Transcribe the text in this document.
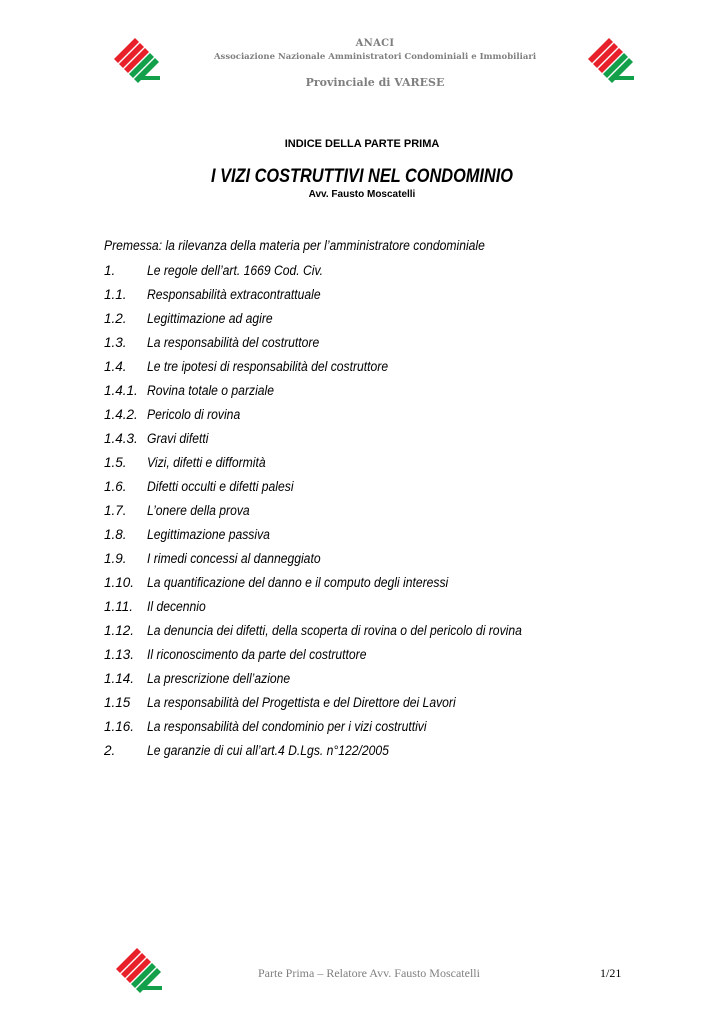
ANACI
Associazione Nazionale Amministratori Condominiali e Immobiliari
Provinciale di VARESE
INDICE DELLA PARTE PRIMA
I VIZI COSTRUTTIVI NEL CONDOMINIO
Avv. Fausto Moscatelli
Premessa: la rilevanza della materia per l’amministratore condominiale
1. Le regole dell’art. 1669 Cod. Civ.
1.1. Responsabilità extracontrattuale
1.2. Legittimazione ad agire
1.3. La responsabilità del costruttore
1.4. Le tre ipotesi di responsabilità del costruttore
1.4.1. Rovina totale o parziale
1.4.2. Pericolo di rovina
1.4.3. Gravi difetti
1.5. Vizi, difetti e difformità
1.6. Difetti occulti e difetti palesi
1.7. L’onere della prova
1.8. Legittimazione passiva
1.9. I rimedi concessi al danneggiato
1.10. La quantificazione del danno e il computo degli interessi
1.11. Il decennio
1.12. La denuncia dei difetti, della scoperta di rovina o del pericolo di rovina
1.13. Il riconoscimento da parte del costruttore
1.14. La prescrizione dell’azione
1.15 La responsabilità del Progettista e del Direttore dei Lavori
1.16. La responsabilità del condominio per i vizi costruttivi
2. Le garanzie di cui all’art.4 D.Lgs. n°122/2005
Parte Prima – Relatore Avv. Fausto Moscatelli	1/21
